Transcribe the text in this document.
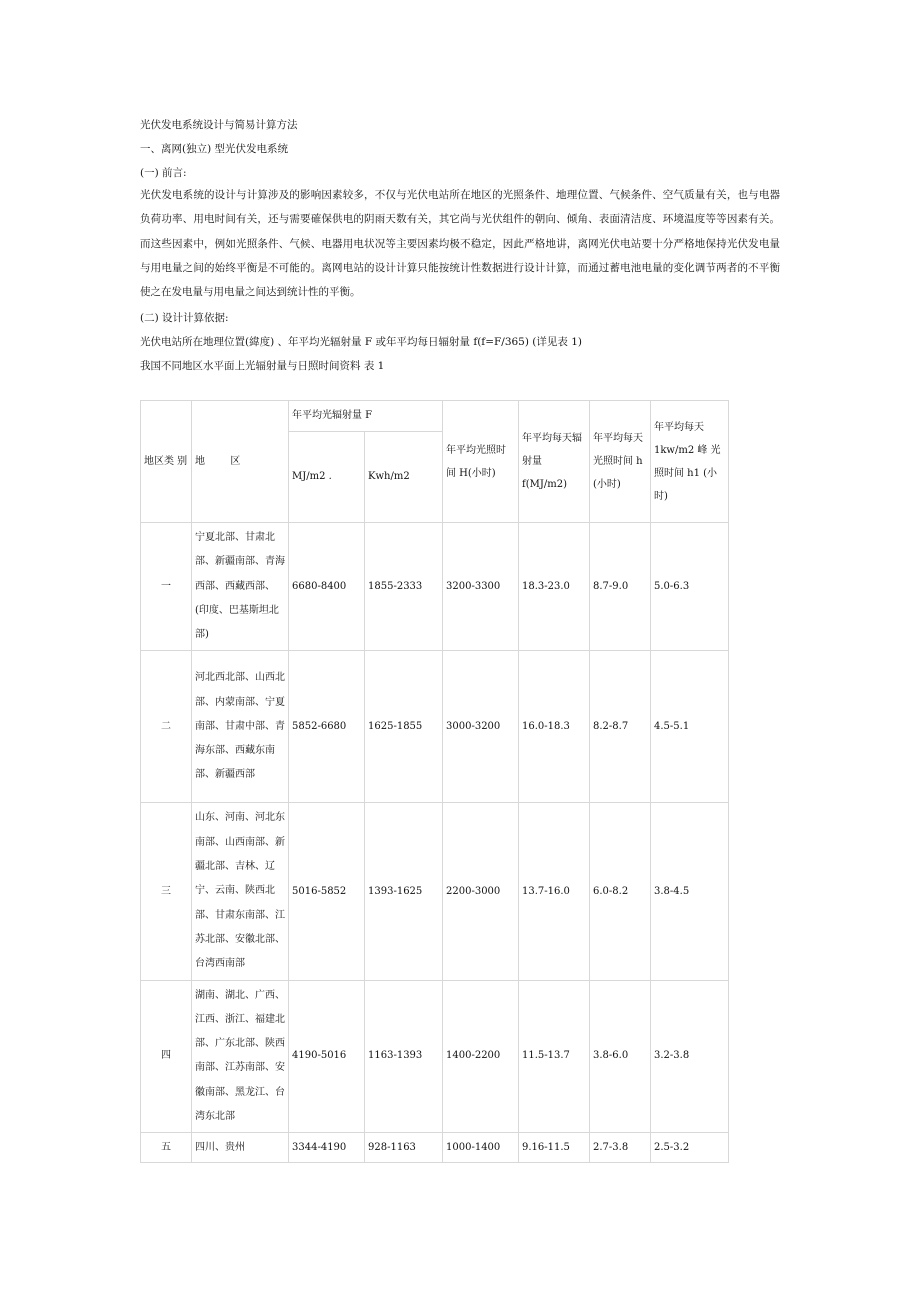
光伏发电系统设计与简易计算方法
一、离网(独立) 型光伏发电系统
(一) 前言:
光伏发电系统的设计与计算涉及的影响因素较多，不仅与光伏电站所在地区的光照条件、地理位置、气候条件、空气质量有关，也与电器负荷功率、用电时间有关，还与需要確保供电的阴雨天数有关，其它尚与光伏组件的朝向、倾角、表面清洁度、环境温度等等因素有关。而这些因素中，例如光照条件、气候、电器用电状况等主要因素均极不稳定，因此严格地讲，离网光伏电站要十分严格地保持光伏发电量与用电量之间的始终平衡是不可能的。离网电站的设计计算只能按统计性数据进行设计计算，而通过蓄电池电量的变化调节两者的不平衡使之在发电量与用电量之间达到统计性的平衡。
(二) 设计计算依据:
光伏电站所在地理位置(緯度) 、年平均光辐射量 F 或年平均每日辐射量 f(f=F/365) (详见表 1)
我国不同地区水平面上光辐射量与日照时间资料 表 1
地区类 别	地        区	年平均光辐射量 F		年平均光照时间 H(小时)	年平均每天辐射量 f(MJ/m2)	年平均每天光照时间 h (小时)	年平均每天 1kw/m2 峰 光照时间 h1 (小时)
		MJ/m2 .	Kwh/m2				
一	宁夏北部、甘肃北部、新疆南部、青海西部、西藏西部、(印度、巴基斯坦北部)	6680-8400	1855-2333	3200-3300	18.3-23.0	8.7-9.0	5.0-6.3
二	河北西北部、山西北部、内蒙南部、宁夏南部、甘肃中部、青海东部、西藏东南部、新疆西部	5852-6680	1625-1855	3000-3200	16.0-18.3	8.2-8.7	4.5-5.1
三	山东、河南、河北东南部、山西南部、新疆北部、吉林、辽宁、云南、陕西北部、甘肃东南部、江苏北部、安徽北部、台湾西南部	5016-5852	1393-1625	2200-3000	13.7-16.0	6.0-8.2	3.8-4.5
四	湖南、湖北、广西、江西、浙江、福建北部、广东北部、陕西南部、江苏南部、安徽南部、黑龙江、台湾东北部	4190-5016	1163-1393	1400-2200	11.5-13.7	3.8-6.0	3.2-3.8
五	四川、贵州	3344-4190	928-1163	1000-1400	9.16-11.5	2.7-3.8	2.5-3.2
